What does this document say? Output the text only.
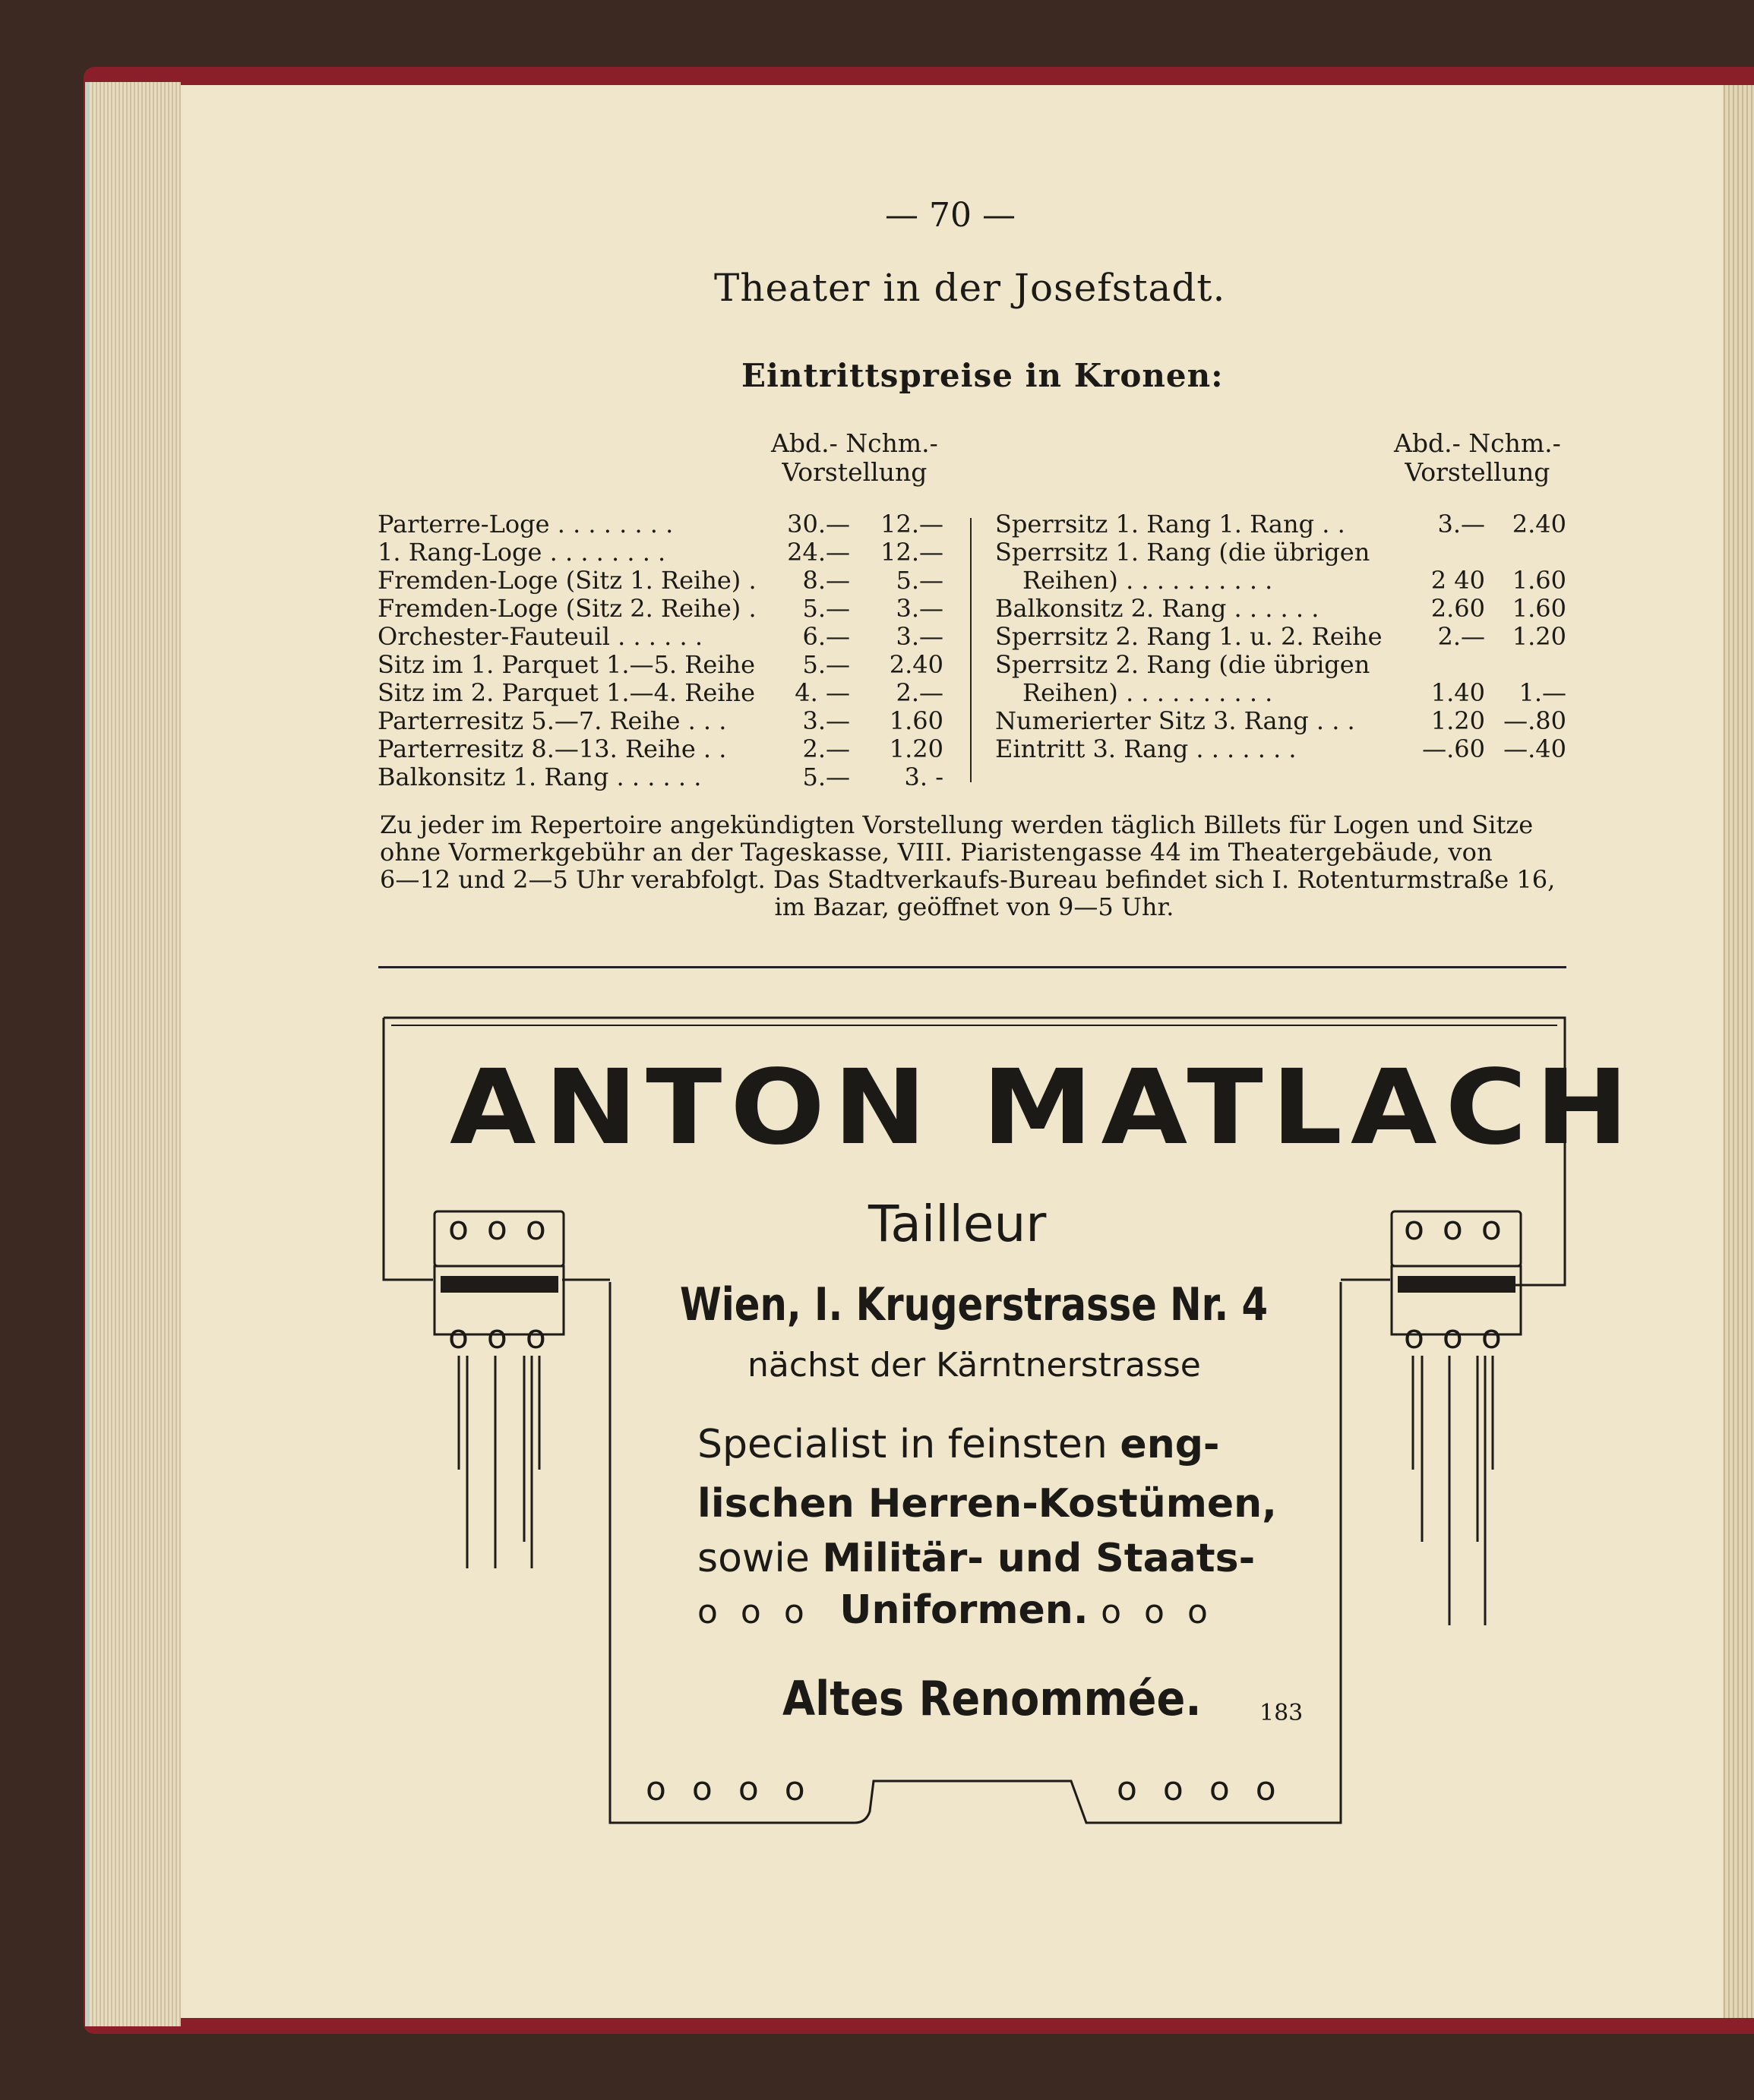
— 70 —
Theater in der Josefstadt.
Eintrittspreise in Kronen:
Abd.- Nchm.-
Vorstellung
Abd.- Nchm.-
Vorstellung
Parterre-Loge . . . . . . . .	30.— 12.—
1. Rang-Loge . . . . . . . .	24.— 12.—
Fremden-Loge (Sitz 1. Reihe) . 8.— 5.—
Fremden-Loge (Sitz 2. Reihe) . 5.— 3.—
Orchester-Fauteuil . . . . . .	6.— 3.—
Sitz im 1. Parquet 1.—5. Reihe 5.— 2.40
Sitz im 2. Parquet 1.—4. Reihe 4. — 2.—
Parterresitz 5.—7. Reihe . . .	3.— 1.60
Parterresitz 8.—13. Reihe . .	2.— 1.20
Balkonsitz 1. Rang . . . . . .	5.— 3. -
Sperrsitz 1. Rang 1. Rang . .	3.— 2.40
Sperrsitz 1. Rang (die übrigen
Reihen) . . . . . . . . . .	2 40 1.60
Balkonsitz 2. Rang . . . . . .	2.60 1.60
Sperrsitz 2. Rang 1. u. 2. Reihe 2.— 1.20
Sperrsitz 2. Rang (die übrigen
Reihen) . . . . . . . . . .	1.40 1.—
Numerierter Sitz 3. Rang . . .	1.20 —.80
Eintritt 3. Rang . . . . . . .	—.60 —.40
Zu jeder im Repertoire angekündigten Vorstellung werden täglich Billets für Logen und Sitze
ohne Vormerkgebühr an der Tageskasse, VIII. Piaristengasse 44 im Theatergebäude, von
6—12 und 2—5 Uhr verabfolgt. Das Stadtverkaufs-Bureau befindet sich I. Rotenturmstraße 16,
im Bazar, geöffnet von 9—5 Uhr.
ooo
ooo
ooo
ooo
ANTON MATLACH
Tailleur
Wien, I. Krugerstrasse Nr. 4
nächst der Kärntnerstrasse
Specialist in feinsten eng-
lischen Herren-Kostümen,
sowie Militär- und Staats-
ooo Uniformen. ooo
Altes Renommée.	183
oooo	oooo
